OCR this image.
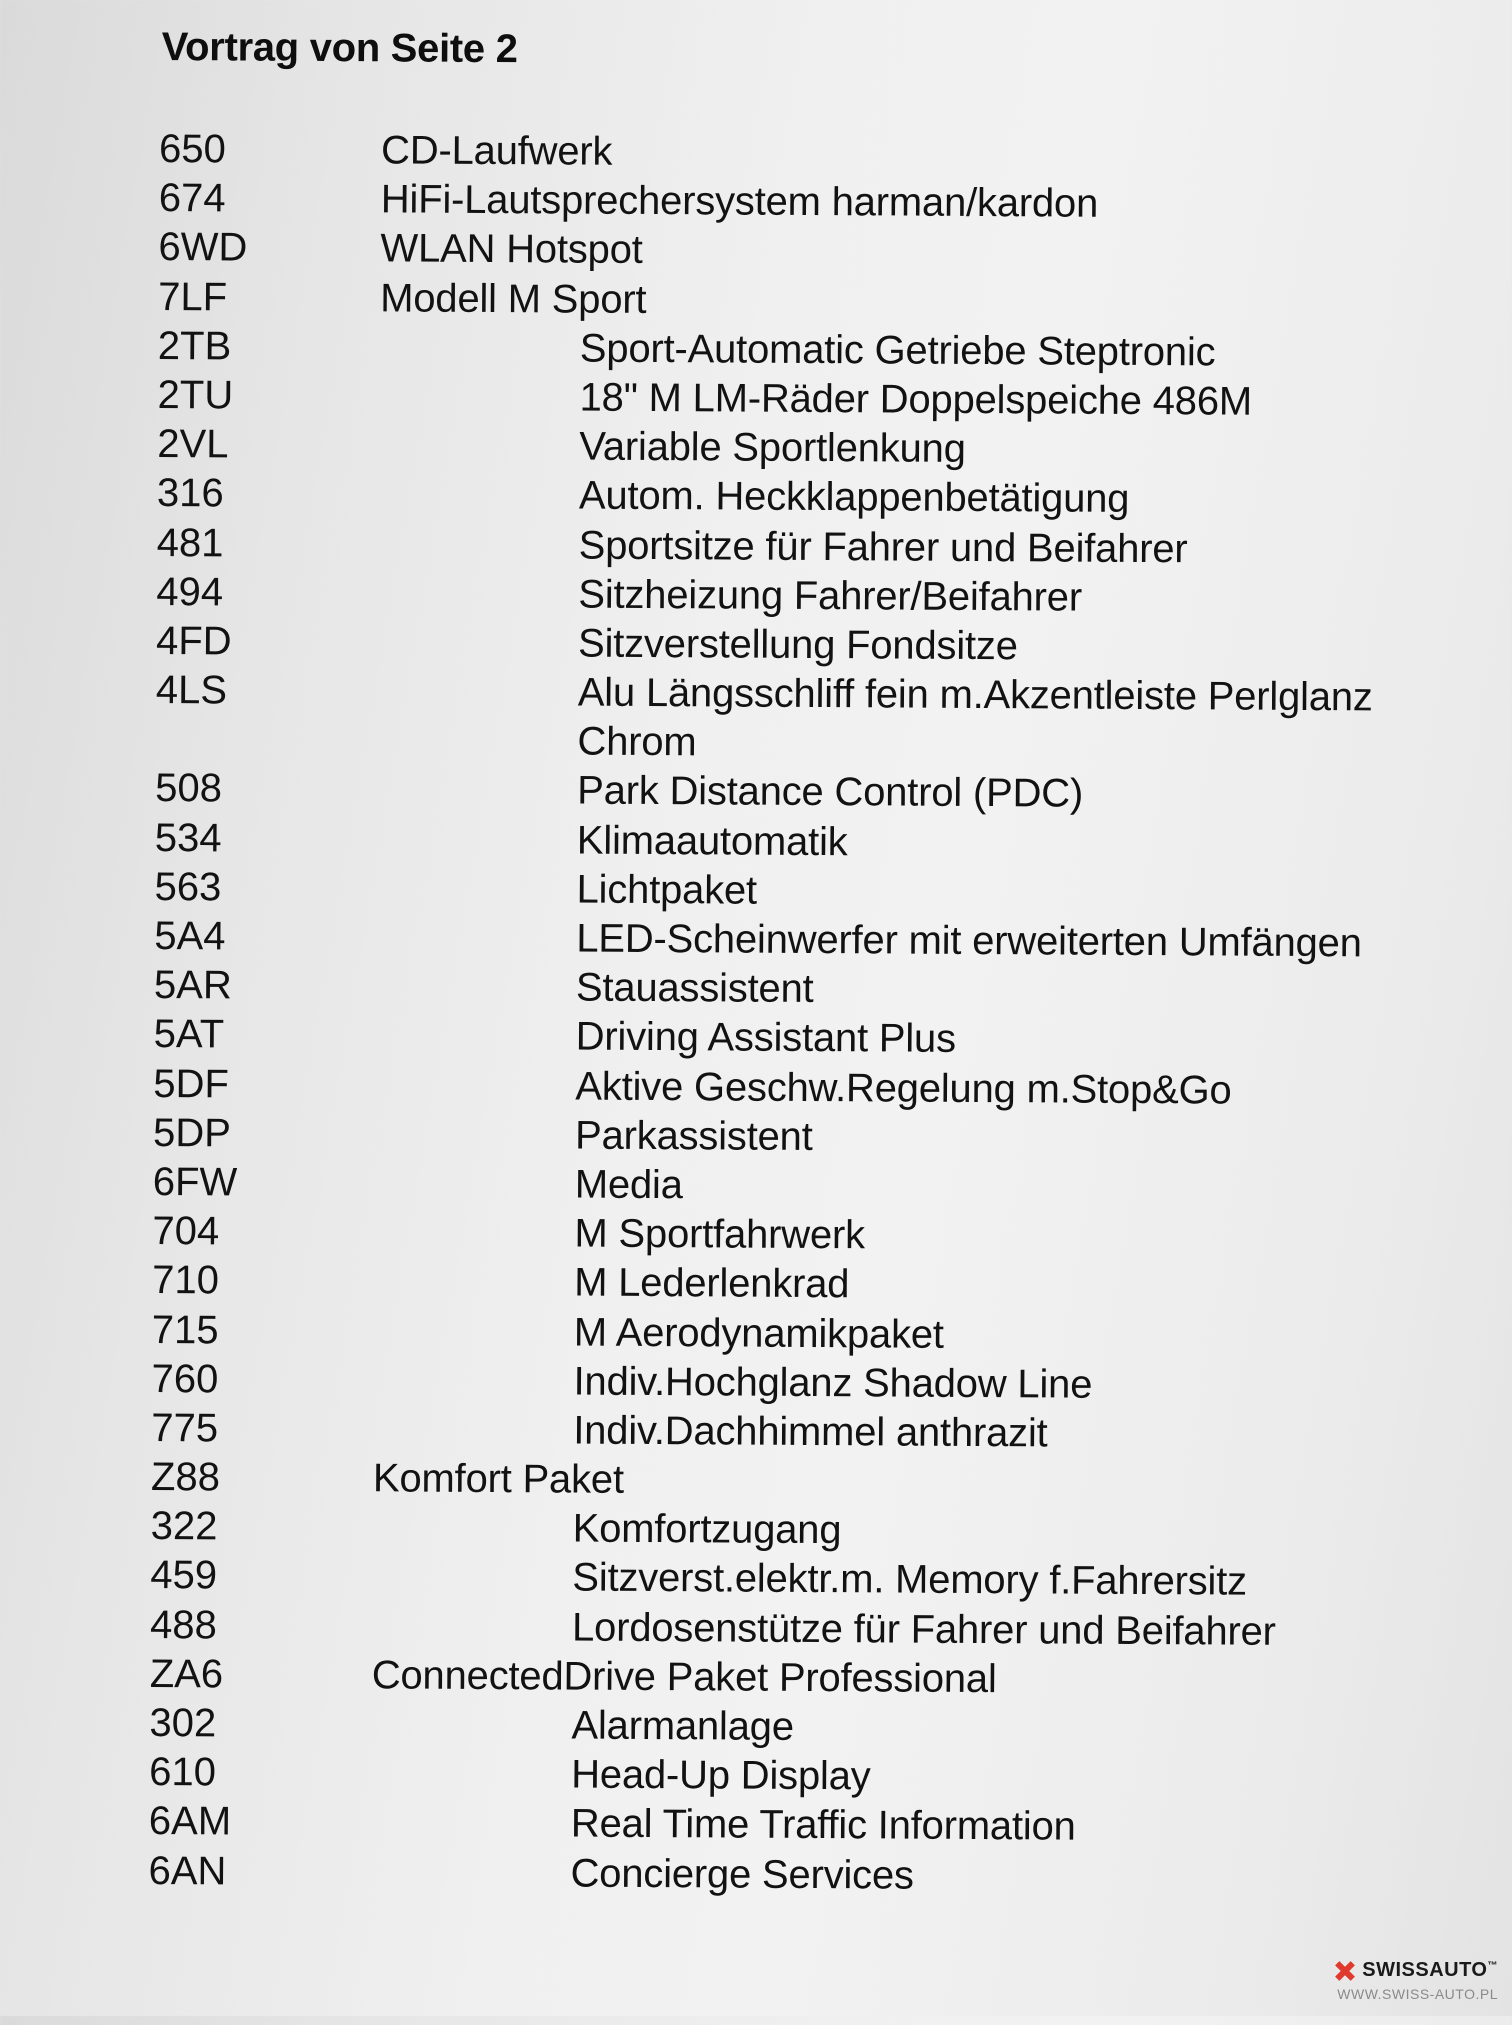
Vortrag von Seite 2
650	CD-Laufwerk
674	HiFi-Lautsprechersystem harman/kardon
6WD	WLAN Hotspot
7LF	Modell M Sport
2TB	Sport-Automatic Getriebe Steptronic
2TU	18" M LM-Räder Doppelspeiche 486M
2VL	Variable Sportlenkung
316	Autom. Heckklappenbetätigung
481	Sportsitze für Fahrer und Beifahrer
494	Sitzheizung Fahrer/Beifahrer
4FD	Sitzverstellung Fondsitze
4LS	Alu Längsschliff fein m.Akzentleiste Perlglanz Chrom
508	Park Distance Control (PDC)
534	Klimaautomatik
563	Lichtpaket
5A4	LED-Scheinwerfer mit erweiterten Umfängen
5AR	Stauassistent
5AT	Driving Assistant Plus
5DF	Aktive Geschw.Regelung m.Stop&Go
5DP	Parkassistent
6FW	Media
704	M Sportfahrwerk
710	M Lederlenkrad
715	M Aerodynamikpaket
760	Indiv.Hochglanz Shadow Line
775	Indiv.Dachhimmel anthrazit
Z88	Komfort Paket
322	Komfortzugang
459	Sitzverst.elektr.m. Memory f.Fahrersitz
488	Lordosenstütze für Fahrer und Beifahrer
ZA6	ConnectedDrive Paket Professional
302	Alarmanlage
610	Head-Up Display
6AM	Real Time Traffic Information
6AN	Concierge Services
SWISSAUTO™
WWW.SWISS-AUTO.PL
